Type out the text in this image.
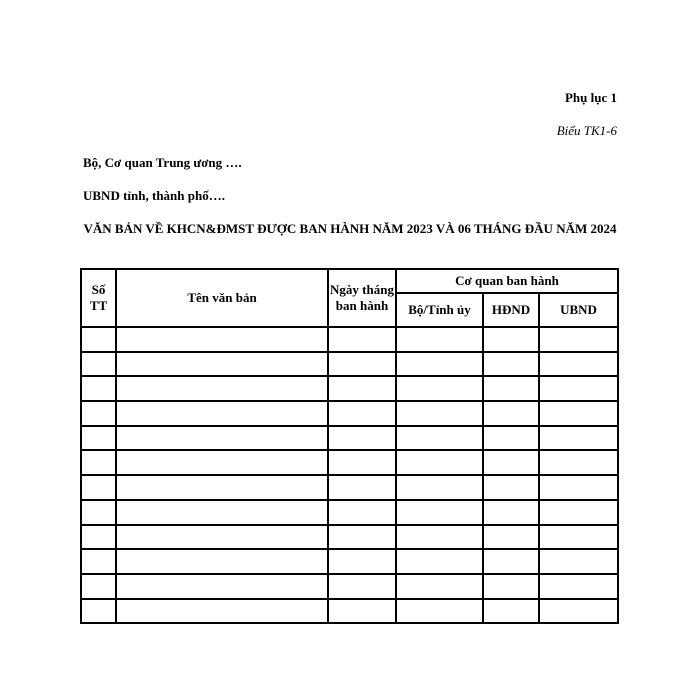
Phụ lục 1
Biểu TK1-6
Bộ, Cơ quan Trung ương ….
UBND tỉnh, thành phố….
VĂN BẢN VỀ KHCN&ĐMST ĐƯỢC BAN HÀNH NĂM 2023 VÀ 06 THÁNG ĐẦU NĂM 2024
Số TT	Tên văn bản	Ngày tháng ban hành	Cơ quan ban hành		
			Bộ/Tỉnh ủy	HĐND	UBND
